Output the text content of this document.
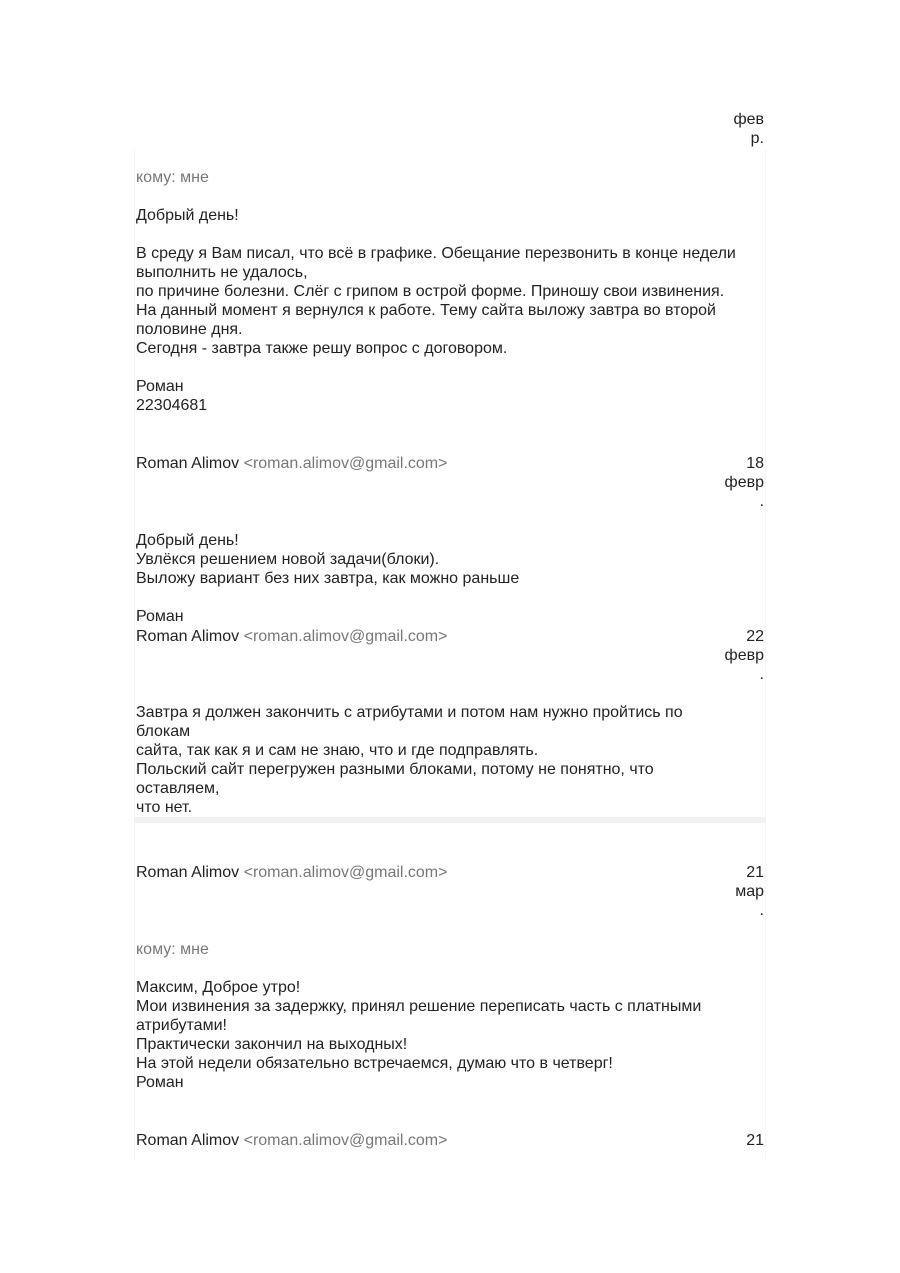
фев
р.
кому: мне
Добрый день!
В среду я Вам писал, что всё в графике. Обещание перезвонить в конце недели
выполнить не удалось,
по причине болезни. Слёг с грипом в острой форме. Приношу свои извинения.
На данный момент я вернулся к работе. Тему сайта выложу завтра во второй
половине дня.
Сегодня - завтра также решу вопрос с договором.
Роман
22304681
Roman Alimov <roman.alimov@gmail.com>	18
февр
.
Добрый день!
Увлёкся решением новой задачи(блоки).
Выложу вариант без них завтра, как можно раньше
Роман
Roman Alimov <roman.alimov@gmail.com>	22
февр
.
Завтра я должен закончить с атрибутами и потом нам нужно пройтись по
блокам
сайта, так как я и сам не знаю, что и где подправлять.
Польский сайт перегружен разными блоками, потому не понятно, что
оставляем,
что нет.
Roman Alimov <roman.alimov@gmail.com>	21
мар
.
кому: мне
Максим, Доброе утро!
Мои извинения за задержку, принял решение переписать часть с платными
атрибутами!
Практически закончил на выходных!
На этой недели обязательно встречаемся, думаю что в четверг!
Роман
Roman Alimov <roman.alimov@gmail.com>	21
